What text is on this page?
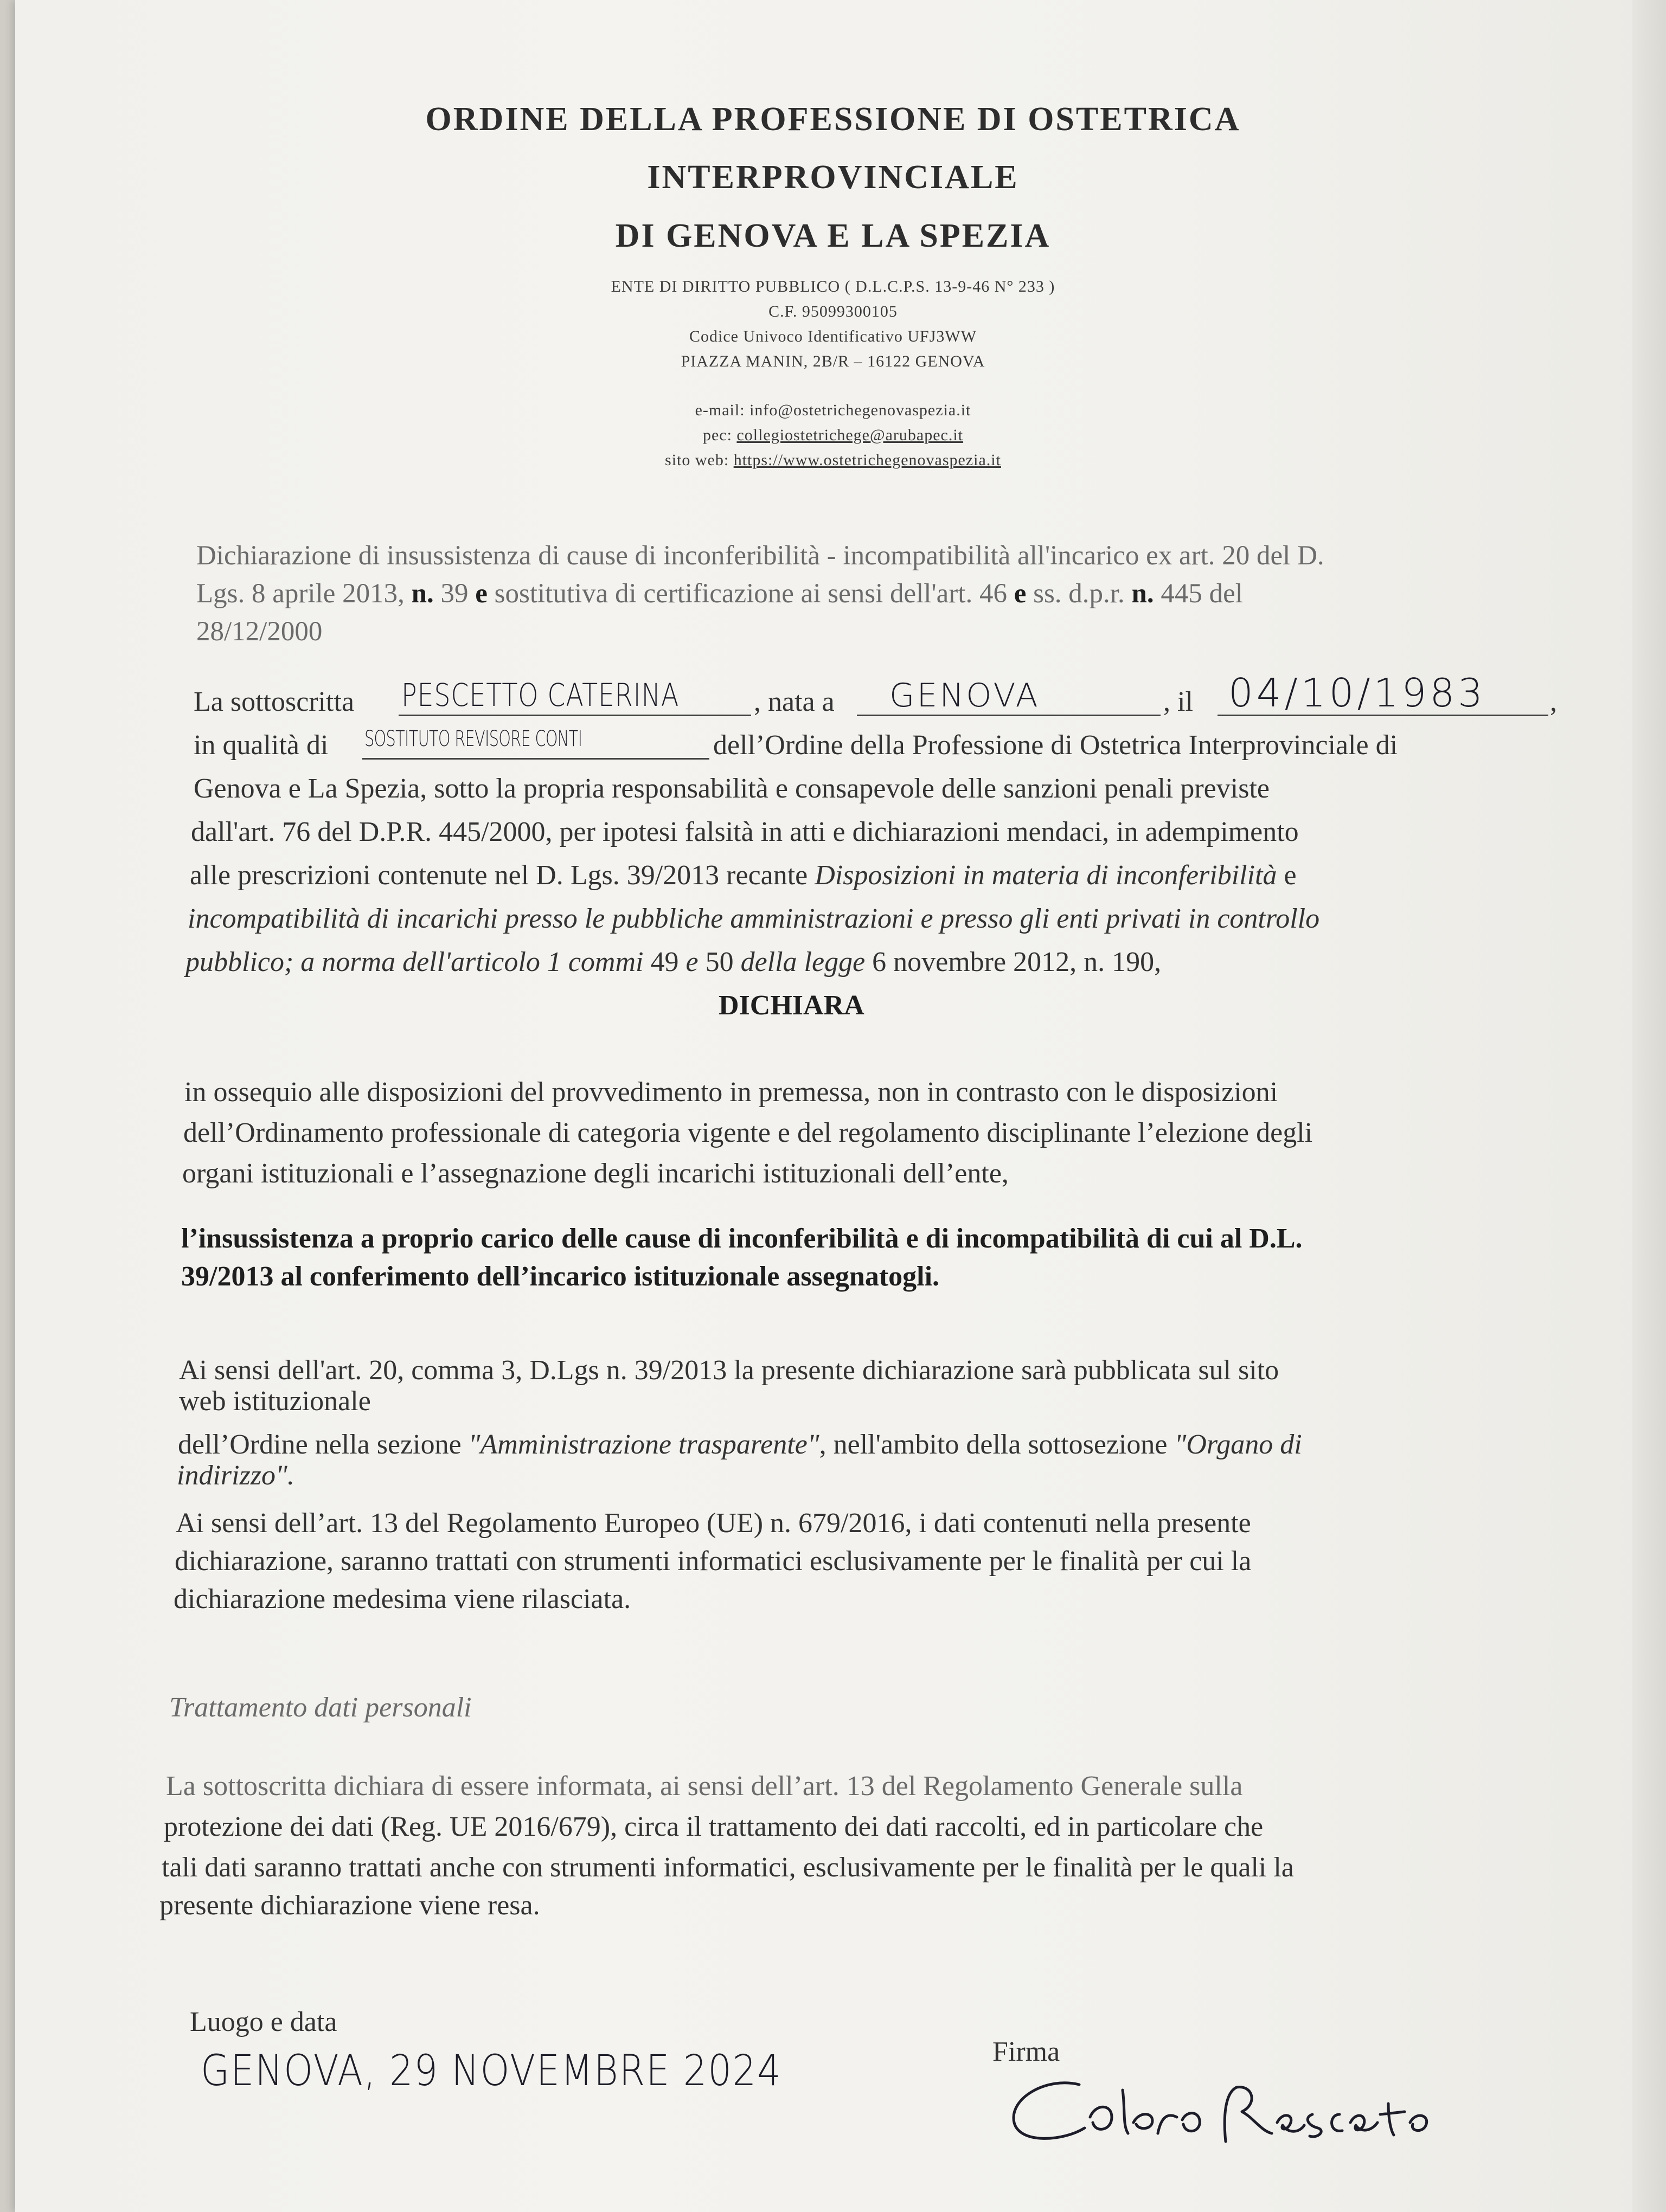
ORDINE DELLA PROFESSIONE DI OSTETRICA
INTERPROVINCIALE
DI GENOVA E LA SPEZIA
ENTE DI DIRITTO PUBBLICO ( D.L.C.P.S. 13-9-46 N° 233 )
C.F. 95099300105
Codice Univoco Identificativo UFJ3WW
PIAZZA MANIN, 2B/R – 16122 GENOVA
e-mail: info@ostetrichegenovaspezia.it
pec: collegiostetrichege@arubapec.it
sito web: https://www.ostetrichegenovaspezia.it
Dichiarazione di insussistenza di cause di inconferibilità - incompatibilità all'incarico ex art. 20 del D.
Lgs. 8 aprile 2013, n. 39 e sostitutiva di certificazione ai sensi dell'art. 46 e ss. d.p.r. n. 445 del
28/12/2000
La sottoscritta PESCETTO CATERINA	, nata a GENOVA	, il 04/10/1983 ,
in qualità di SOSTITUTO REVISORE CONTI	dell’Ordine della Professione di Ostetrica Interprovinciale di
Genova e La Spezia, sotto la propria responsabilità e consapevole delle sanzioni penali previste
dall'art. 76 del D.P.R. 445/2000, per ipotesi falsità in atti e dichiarazioni mendaci, in adempimento
alle prescrizioni contenute nel D. Lgs. 39/2013 recante Disposizioni in materia di inconferibilità e
incompatibilità di incarichi presso le pubbliche amministrazioni e presso gli enti privati in controllo
pubblico; a norma dell'articolo 1 commi 49 e 50 della legge 6 novembre 2012, n. 190,
DICHIARA
in ossequio alle disposizioni del provvedimento in premessa, non in contrasto con le disposizioni
dell’Ordinamento professionale di categoria vigente e del regolamento disciplinante l’elezione degli
organi istituzionali e l’assegnazione degli incarichi istituzionali dell’ente,
l’insussistenza a proprio carico delle cause di inconferibilità e di incompatibilità di cui al D.L.
39/2013 al conferimento dell’incarico istituzionale assegnatogli.
Ai sensi dell'art. 20, comma 3, D.Lgs n. 39/2013 la presente dichiarazione sarà pubblicata sul sito
web istituzionale
dell’Ordine nella sezione "Amministrazione trasparente", nell'ambito della sottosezione "Organo di
indirizzo".
Ai sensi dell’art. 13 del Regolamento Europeo (UE) n. 679/2016, i dati contenuti nella presente
dichiarazione, saranno trattati con strumenti informatici esclusivamente per le finalità per cui la
dichiarazione medesima viene rilasciata.
Trattamento dati personali
La sottoscritta dichiara di essere informata, ai sensi dell’art. 13 del Regolamento Generale sulla
protezione dei dati (Reg. UE 2016/679), circa il trattamento dei dati raccolti, ed in particolare che
tali dati saranno trattati anche con strumenti informatici, esclusivamente per le finalità per le quali la
presente dichiarazione viene resa.
Luogo e data
GENOVA, 29 NOVEMBRE 2024	Firma
